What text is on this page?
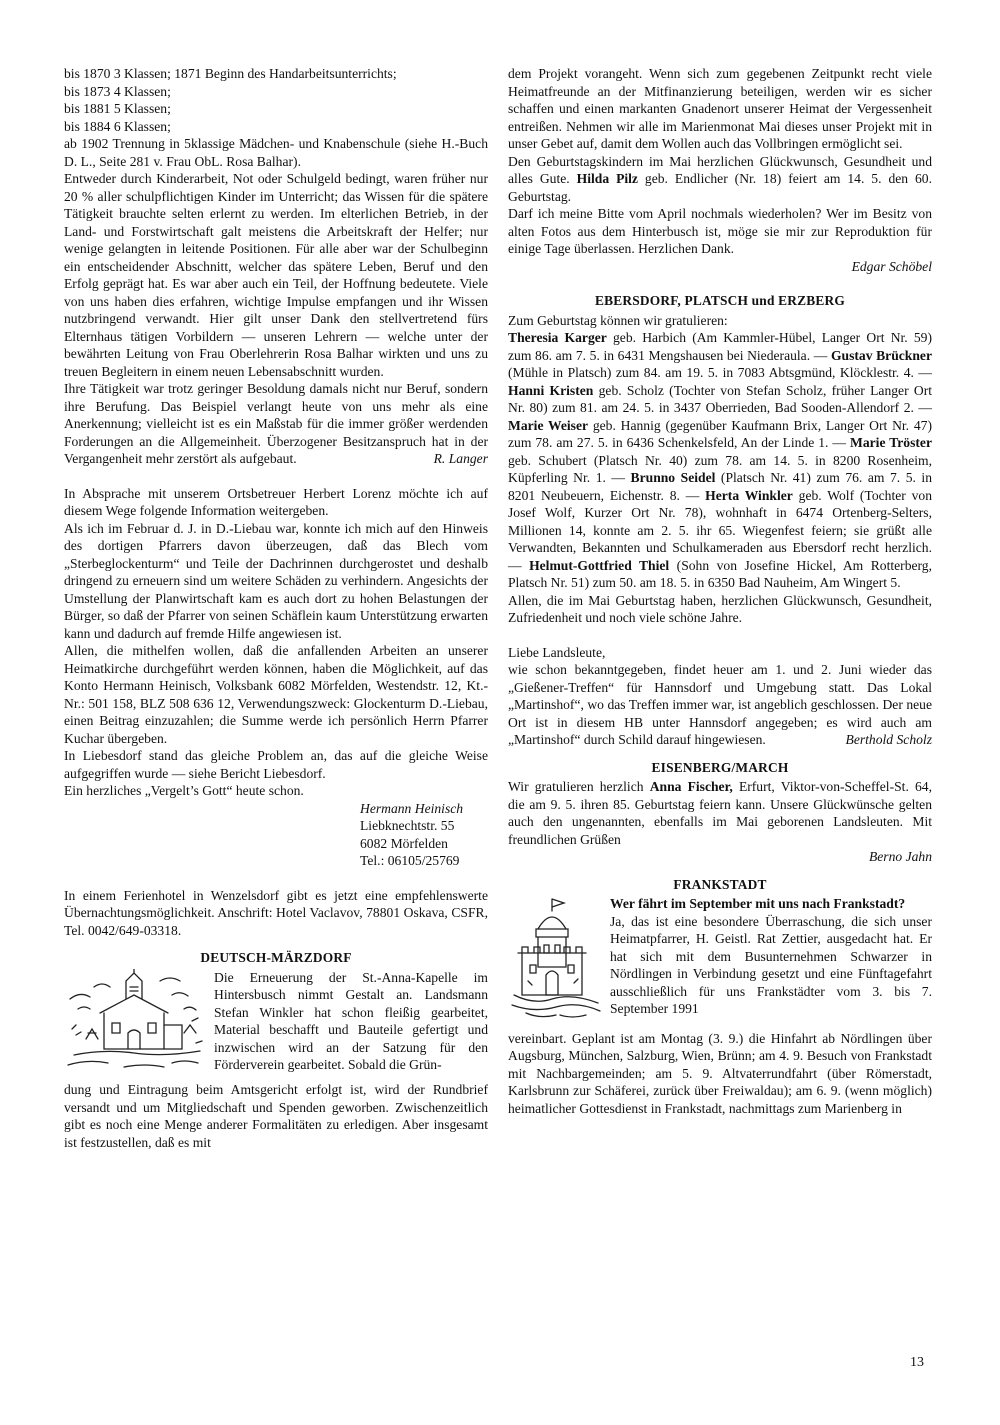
bis 1870 3 Klassen; 1871 Beginn des Handarbeitsunterrichts;

bis 1873 4 Klassen;

bis 1881 5 Klassen;

bis 1884 6 Klassen;

ab 1902 Trennung in 5klassige Mädchen- und Knabenschule (siehe H.-Buch D. L., Seite 281 v. Frau ObL. Rosa Balhar).

Entweder durch Kinderarbeit, Not oder Schulgeld bedingt, waren früher nur 20 % aller schulpflichtigen Kinder im Unterricht; das Wissen für die spätere Tätigkeit brauchte selten erlernt zu werden. Im elterlichen Betrieb, in der Land- und Forstwirtschaft galt meistens die Arbeitskraft der Helfer; nur wenige gelangten in leitende Positionen. Für alle aber war der Schulbeginn ein entscheidender Abschnitt, welcher das spätere Leben, Beruf und den Erfolg geprägt hat. Es war aber auch ein Teil, der Hoffnung bedeutete. Viele von uns haben dies erfahren, wichtige Impulse empfangen und ihr Wissen nutzbringend verwandt. Hier gilt unser Dank den stellvertretend fürs Elternhaus tätigen Vorbildern — unseren Lehrern — welche unter der bewährten Leitung von Frau Oberlehrerin Rosa Balhar wirkten und uns zu treuen Begleitern in einem neuen Lebensabschnitt wurden.

Ihre Tätigkeit war trotz geringer Besoldung damals nicht nur Beruf, sondern ihre Berufung. Das Beispiel verlangt heute von uns mehr als eine Anerkennung; vielleicht ist es ein Maßstab für die immer größer werdenden Forderungen an die Allgemeinheit. Überzogener Besitzanspruch hat in der Vergangenheit mehr zerstört als aufgebaut.	R. Langer

In Absprache mit unserem Ortsbetreuer Herbert Lorenz möchte ich auf diesem Wege folgende Information weitergeben.

Als ich im Februar d. J. in D.-Liebau war, konnte ich mich auf den Hinweis des dortigen Pfarrers davon überzeugen, daß das Blech vom „Sterbeglockenturm“ und Teile der Dachrinnen durchgerostet und deshalb dringend zu erneuern sind um weitere Schäden zu verhindern. Angesichts der Umstellung der Planwirtschaft kam es auch dort zu hohen Belastungen der Bürger, so daß der Pfarrer von seinen Schäflein kaum Unterstützung erwarten kann und dadurch auf fremde Hilfe angewiesen ist.

Allen, die mithelfen wollen, daß die anfallenden Arbeiten an unserer Heimatkirche durchgeführt werden können, haben die Möglichkeit, auf das Konto Hermann Heinisch, Volksbank 6082 Mörfelden, Westendstr. 12, Kt.-Nr.: 501 158, BLZ 508 636 12, Verwendungszweck: Glockenturm D.-Liebau, einen Beitrag einzuzahlen; die Summe werde ich persönlich Herrn Pfarrer Kuchar übergeben.

In Liebesdorf stand das gleiche Problem an, das auf die gleiche Weise aufgegriffen wurde — siehe Bericht Liebesdorf.

Ein herzliches „Vergelt’s Gott“ heute schon.

Hermann Heinisch
Liebknechtstr. 55
6082 Mörfelden
Tel.: 06105/25769

In einem Ferienhotel in Wenzelsdorf gibt es jetzt eine empfehlenswerte Übernachtungsmöglichkeit. Anschrift: Hotel Vaclavov, 78801 Oskava, CSFR, Tel. 0042/649-03318.

DEUTSCH-MÄRZDORF
Die Erneuerung der St.-Anna-Kapelle im Hintersbusch nimmt Gestalt an. Landsmann Stefan Winkler hat schon fleißig gearbeitet, Material beschafft und Bauteile gefertigt und inzwischen wird an der Satzung für den Förderverein gearbeitet. Sobald die Grün-

dung und Eintragung beim Amtsgericht erfolgt ist, wird der Rundbrief versandt und um Mitgliedschaft und Spenden geworben. Zwischenzeitlich gibt es noch eine Menge anderer Formalitäten zu erledigen. Aber insgesamt ist festzustellen, daß es mit

dem Projekt vorangeht. Wenn sich zum gegebenen Zeitpunkt recht viele Heimatfreunde an der Mitfinanzierung beteiligen, werden wir es sicher schaffen und einen markanten Gnadenort unserer Heimat der Vergessenheit entreißen. Nehmen wir alle im Marienmonat Mai dieses unser Projekt mit in unser Gebet auf, damit dem Wollen auch das Vollbringen ermöglicht sei.

Den Geburtstagskindern im Mai herzlichen Glückwunsch, Gesundheit und alles Gute. Hilda Pilz geb. Endlicher (Nr. 18) feiert am 14. 5. den 60. Geburtstag.

Darf ich meine Bitte vom April nochmals wiederholen? Wer im Besitz von alten Fotos aus dem Hinterbusch ist, möge sie mir zur Reproduktion für einige Tage überlassen. Herzlichen Dank.

Edgar Schöbel

EBERSDORF, PLATSCH und ERZBERG

Zum Geburtstag können wir gratulieren:

Theresia Karger geb. Harbich (Am Kammler-Hübel, Langer Ort Nr. 59) zum 86. am 7. 5. in 6431 Mengshausen bei Niederaula. — Gustav Brückner (Mühle in Platsch) zum 84. am 19. 5. in 7083 Abtsgmünd, Klöcklestr. 4. — Hanni Kristen geb. Scholz (Tochter von Stefan Scholz, früher Langer Ort Nr. 80) zum 81. am 24. 5. in 3437 Oberrieden, Bad Sooden-Allendorf 2. — Marie Weiser geb. Hannig (gegenüber Kaufmann Brix, Langer Ort Nr. 47) zum 78. am 27. 5. in 6436 Schenkelsfeld, An der Linde 1. — Marie Tröster geb. Schubert (Platsch Nr. 40) zum 78. am 14. 5. in 8200 Rosenheim, Küpferling Nr. 1. — Brunno Seidel (Platsch Nr. 41) zum 76. am 7. 5. in 8201 Neubeuern, Eichenstr. 8. — Herta Winkler geb. Wolf (Tochter von Josef Wolf, Kurzer Ort Nr. 78), wohnhaft in 6474 Ortenberg-Selters, Millionen 14, konnte am 2. 5. ihr 65. Wiegenfest feiern; sie grüßt alle Verwandten, Bekannten und Schulkameraden aus Ebersdorf recht herzlich. — Helmut-Gottfried Thiel (Sohn von Josefine Hickel, Am Rotterberg, Platsch Nr. 51) zum 50. am 18. 5. in 6350 Bad Nauheim, Am Wingert 5.

Allen, die im Mai Geburtstag haben, herzlichen Glückwunsch, Gesundheit, Zufriedenheit und noch viele schöne Jahre.

Liebe Landsleute,

wie schon bekanntgegeben, findet heuer am 1. und 2. Juni wieder das „Gießener-Treffen“ für Hannsdorf und Umgebung statt. Das Lokal „Martinshof“, wo das Treffen immer war, ist angeblich geschlossen. Der neue Ort ist in diesem HB unter Hannsdorf angegeben; es wird auch am „Martinshof“ durch Schild darauf hingewiesen.	Berthold Scholz

EISENBERG/MARCH

Wir gratulieren herzlich Anna Fischer, Erfurt, Viktor-von-Scheffel-St. 64, die am 9. 5. ihren 85. Geburtstag feiern kann. Unsere Glückwünsche gelten auch den ungenannten, ebenfalls im Mai geborenen Landsleuten. Mit freundlichen Grüßen

Berno Jahn

FRANKSTADT
Wer fährt im September mit uns nach Frankstadt?
Ja, das ist eine besondere Überraschung, die sich unser Heimatpfarrer, H. Geistl. Rat Zettier, ausgedacht hat. Er hat sich mit dem Busunternehmen Schwarzer in Nördlingen in Verbindung gesetzt und eine Fünftagefahrt ausschließlich für uns Frankstädter vom 3. bis 7. September 1991

vereinbart. Geplant ist am Montag (3. 9.) die Hinfahrt ab Nördlingen über Augsburg, München, Salzburg, Wien, Brünn; am 4. 9. Besuch von Frankstadt mit Nachbargemeinden; am 5. 9. Altvaterrundfahrt (über Römerstadt, Karlsbrunn zur Schäferei, zurück über Freiwaldau); am 6. 9. (wenn möglich) heimatlicher Gottesdienst in Frankstadt, nachmittags zum Marienberg in

13
